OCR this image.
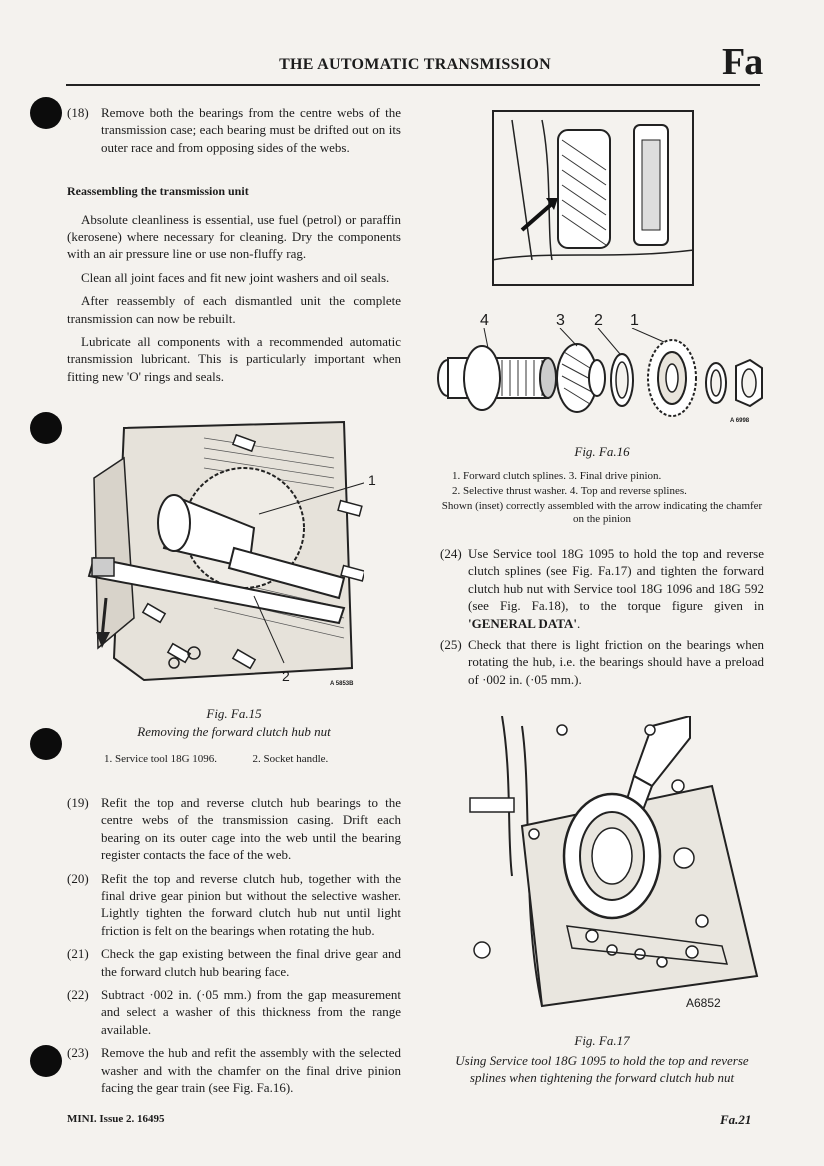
THE AUTOMATIC TRANSMISSION	Fa

(18) Remove both the bearings from the centre webs of the transmission case; each bearing must be drifted out on its outer race and from opposing sides of the webs.

Reassembling the transmission unit

Absolute cleanliness is essential, use fuel (petrol) or paraffin (kerosene) where necessary for cleaning. Dry the components with an air pressure line or use non-fluffy rag.

Clean all joint faces and fit new joint washers and oil seals.

After reassembly of each dismantled unit the complete transmission can now be rebuilt.

Lubricate all components with a recommended automatic transmission lubricant. This is particularly important when fitting new 'O' rings and seals.

1
2	A 5853B
Fig. Fa.15
Removing the forward clutch hub nut
1. Service tool 18G 1096.	2. Socket handle.

(19) Refit the top and reverse clutch hub bearings to the centre webs of the transmission casing. Drift each bearing on its outer cage into the web until the bearing register contacts the face of the web.

(20) Refit the top and reverse clutch hub, together with the final drive gear pinion but without the selective washer. Lightly tighten the forward clutch hub nut until light friction is felt on the bearings when rotating the hub.

(21) Check the gap existing between the final drive gear and the forward clutch hub bearing face.

(22) Subtract ·002 in. (·05 mm.) from the gap measurement and select a washer of this thickness from the range available.

(23) Remove the hub and refit the assembly with the selected washer and with the chamfer on the final drive pinion facing the gear train (see Fig. Fa.16).

4	3 2 1
A 6998
Fig. Fa.16
1. Forward clutch splines. 3. Final drive pinion.
2. Selective thrust washer. 4. Top and reverse splines.
Shown (inset) correctly assembled with the arrow indicating the chamfer on the pinion

(24) Use Service tool 18G 1095 to hold the top and reverse clutch splines (see Fig. Fa.17) and tighten the forward clutch hub nut with Service tool 18G 1096 and 18G 592 (see Fig. Fa.18), to the torque figure given in 'GENERAL DATA'.

(25) Check that there is light friction on the bearings when rotating the hub, i.e. the bearings should have a preload of ·002 in. (·05 mm.).

A6852
Fig. Fa.17
Using Service tool 18G 1095 to hold the top and reverse splines when tightening the forward clutch hub nut
MINI. Issue 2. 16495	Fa.21
